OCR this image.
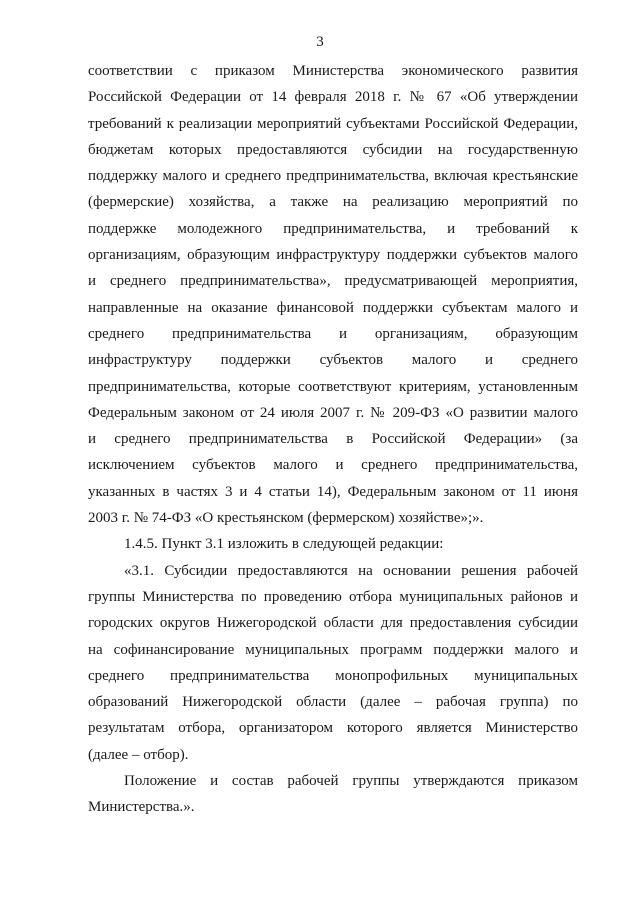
3
соответствии с приказом Министерства экономического развития
Российской Федерации от 14 февраля 2018 г. № 67 «Об утверждении
требований к реализации мероприятий субъектами Российской Федерации,
бюджетам которых предоставляются субсидии на государственную
поддержку малого и среднего предпринимательства, включая крестьянские
(фермерские) хозяйства, а также на реализацию мероприятий по
поддержке молодежного предпринимательства, и требований к
организациям, образующим инфраструктуру поддержки субъектов малого
и среднего предпринимательства», предусматривающей мероприятия,
направленные на оказание финансовой поддержки субъектам малого и
среднего предпринимательства и организациям, образующим
инфраструктуру поддержки субъектов малого и среднего
предпринимательства, которые соответствуют критериям, установленным
Федеральным законом от 24 июля 2007 г. № 209-ФЗ «О развитии малого
и среднего предпринимательства в Российской Федерации» (за
исключением субъектов малого и среднего предпринимательства,
указанных в частях 3 и 4 статьи 14), Федеральным законом от 11 июня
2003 г. № 74-ФЗ «О крестьянском (фермерском) хозяйстве»;».
1.4.5. Пункт 3.1 изложить в следующей редакции:
«3.1. Субсидии предоставляются на основании решения рабочей
группы Министерства по проведению отбора муниципальных районов и
городских округов Нижегородской области для предоставления субсидии
на софинансирование муниципальных программ поддержки малого и
среднего предпринимательства монопрофильных муниципальных
образований Нижегородской области (далее – рабочая группа) по
результатам отбора, организатором которого является Министерство
(далее – отбор).
Положение и состав рабочей группы утверждаются приказом
Министерства.».
